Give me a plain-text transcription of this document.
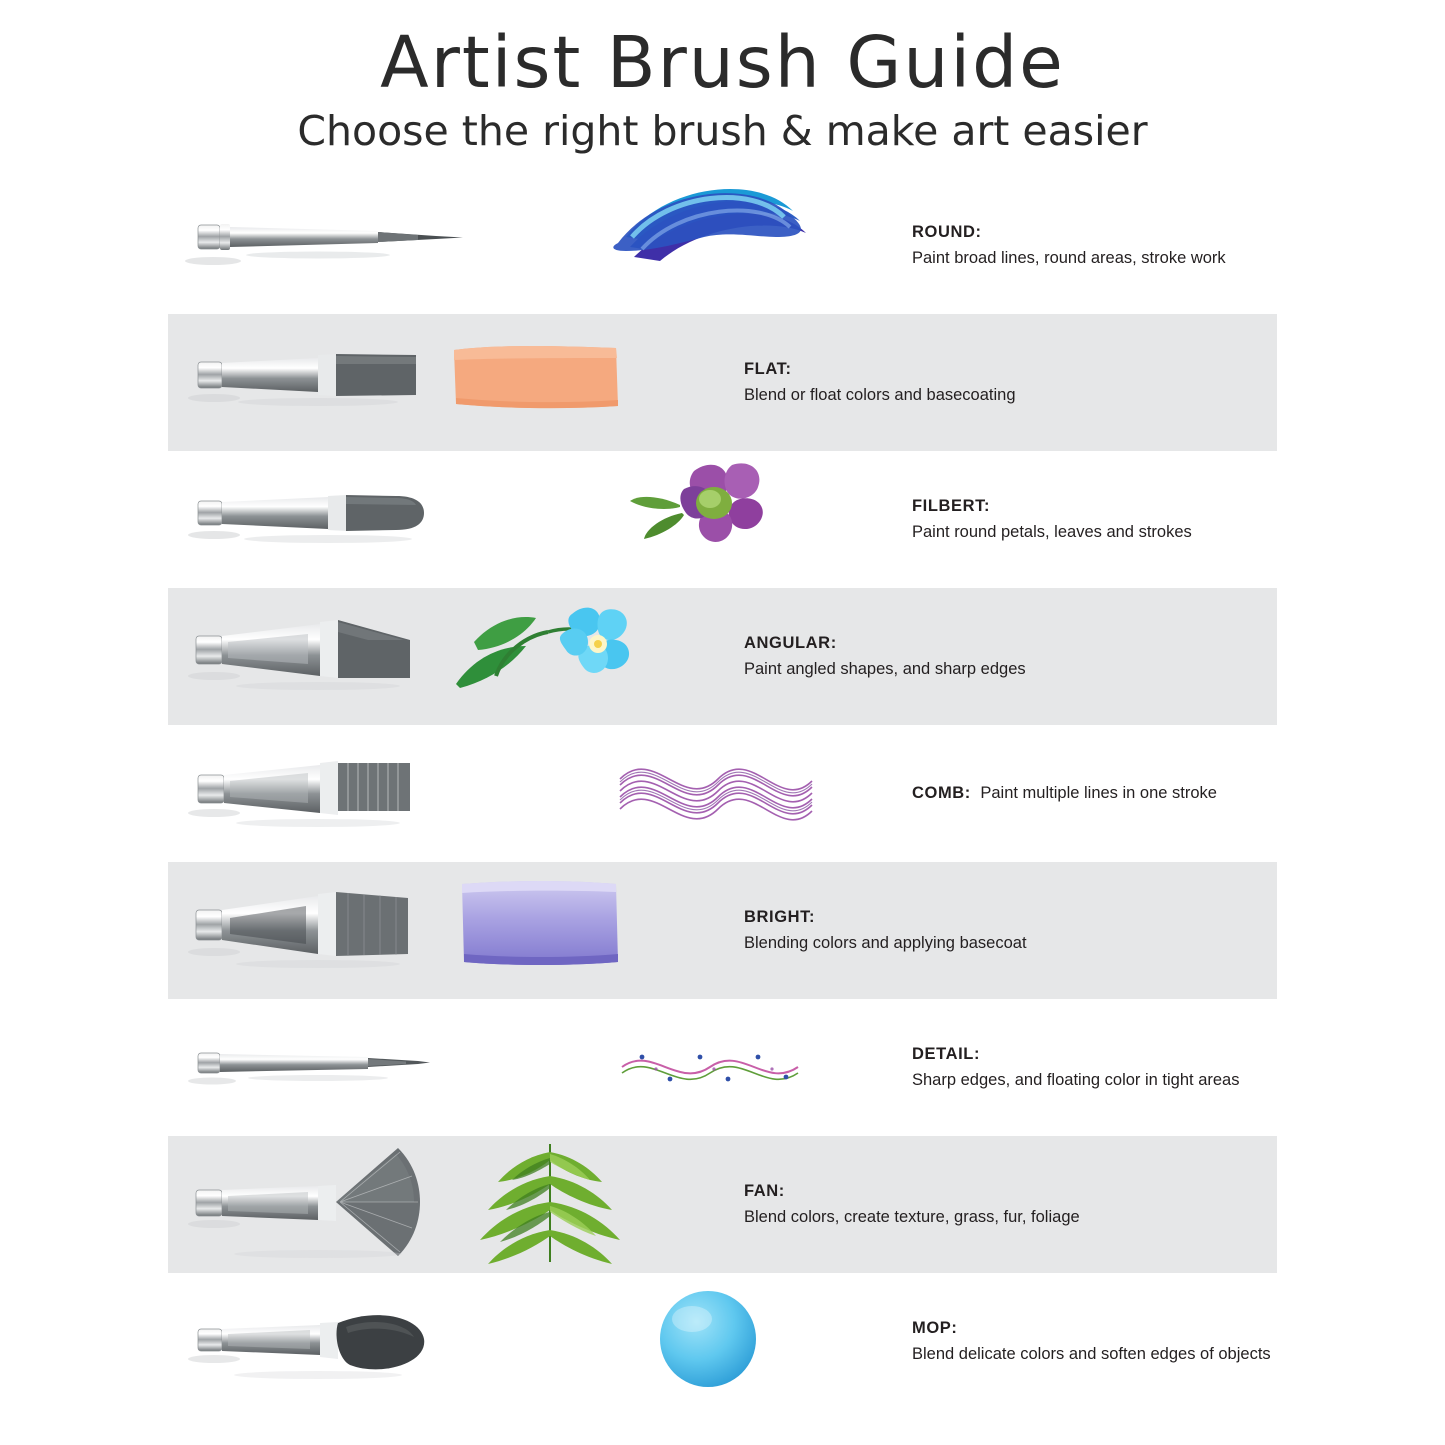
Artist Brush Guide
Choose the right brush & make art easier
ROUND:
Paint broad lines, round areas, stroke work
FLAT:
Blend or float colors and basecoating
FILBERT:
Paint round petals, leaves and strokes
ANGULAR:
Paint angled shapes, and sharp edges
COMB: Paint multiple lines in one stroke
BRIGHT:
Blending colors and applying basecoat
DETAIL:
Sharp edges, and floating color in tight areas
FAN:
Blend colors, create texture, grass, fur, foliage
MOP:
Blend delicate colors and soften edges of objects
